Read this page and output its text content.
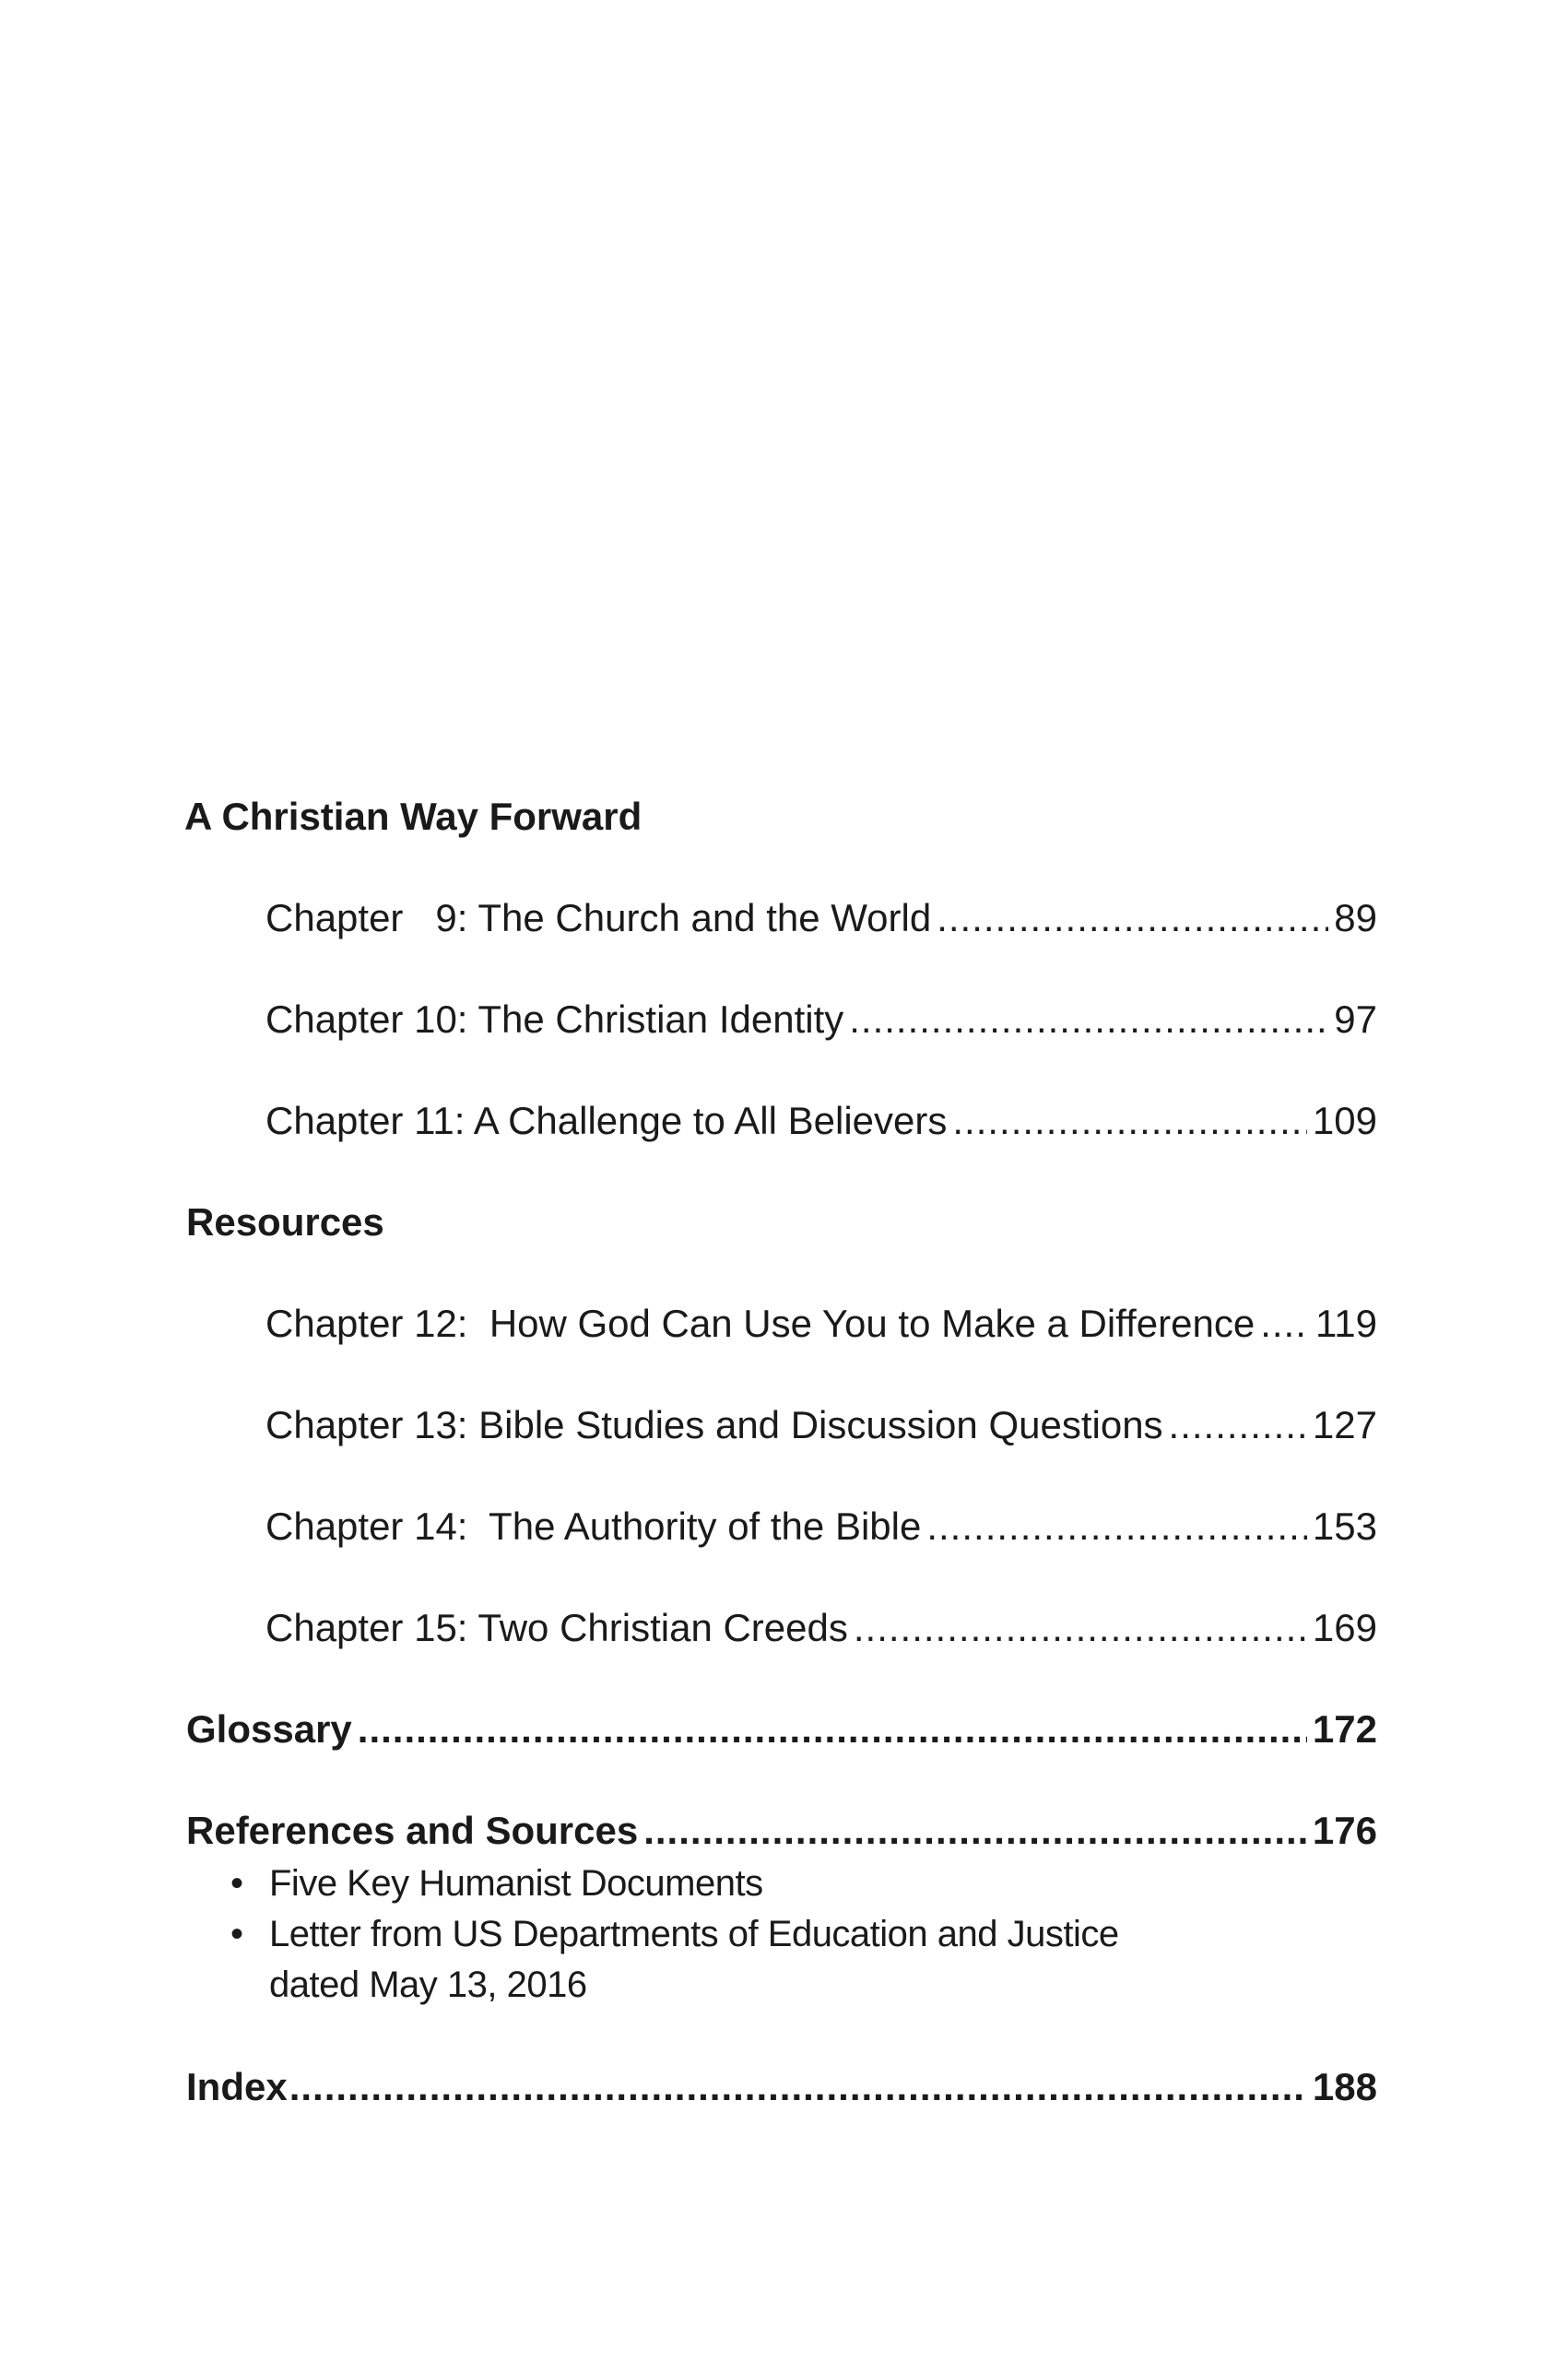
A Christian Way Forward
Chapter   9: The Church and the World .....	89
Chapter 10: The Christian Identity .....	97
Chapter 11: A Challenge to All Believers .....	109
Resources
Chapter 12:  How God Can Use You to Make a Difference ..... 119
Chapter 13: Bible Studies and Discussion Questions .....	127
Chapter 14:  The Authority of the Bible .....	153
Chapter 15: Two Christian Creeds .....	169
Glossary .....	172
References and Sources .....	176
• Five Key Humanist Documents
• Letter from US Departments of Education and Justice
dated May 13, 2016
Index .....	188
